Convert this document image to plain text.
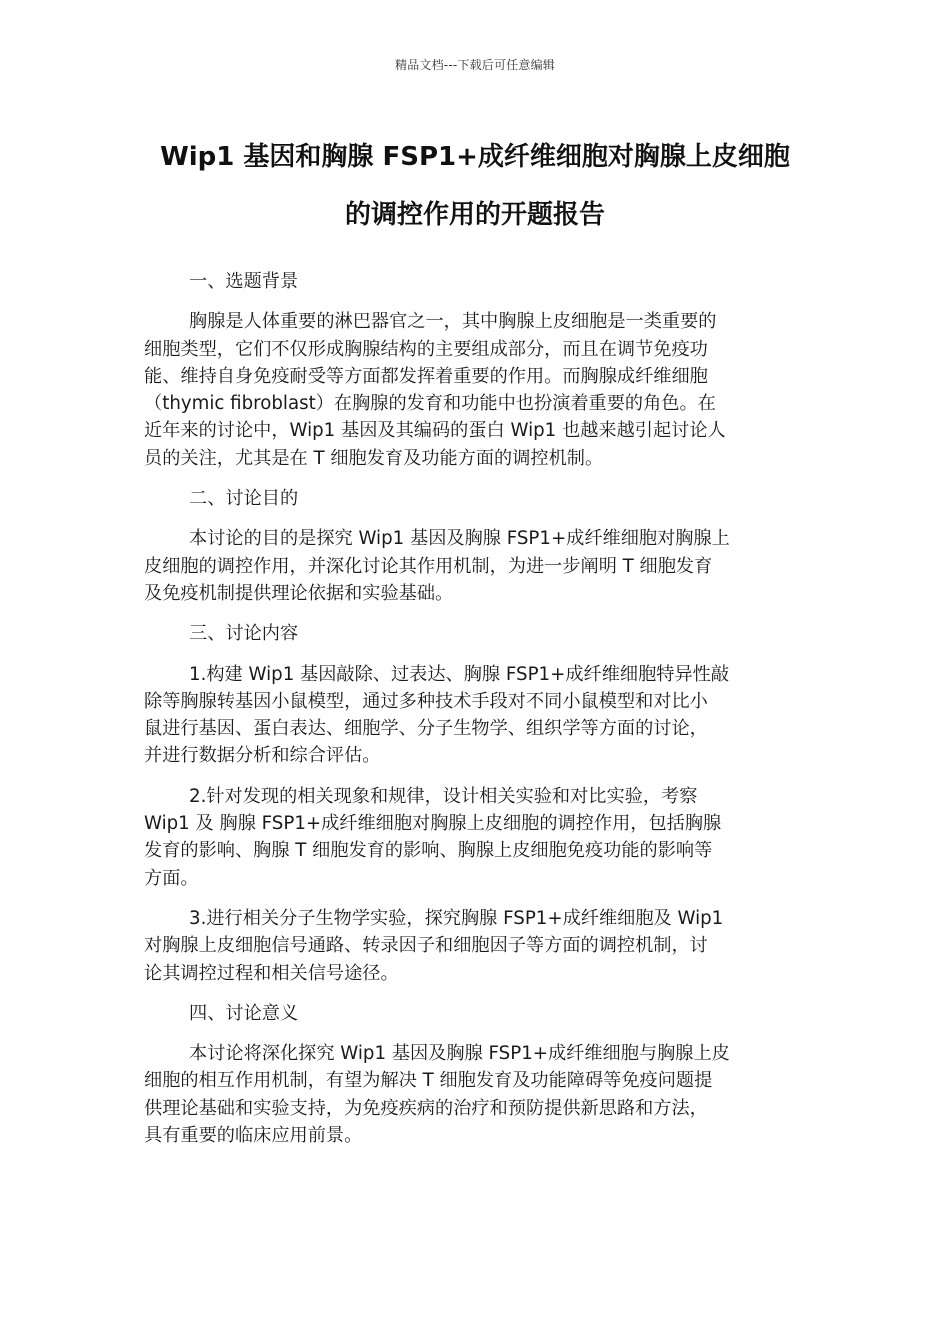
精品文档---下载后可任意编辑
Wip1 基因和胸腺 FSP1+成纤维细胞对胸腺上皮细胞
的调控作用的开题报告
一、选题背景
胸腺是人体重要的淋巴器官之一，其中胸腺上皮细胞是一类重要的
细胞类型，它们不仅形成胸腺结构的主要组成部分，而且在调节免疫功
能、维持自身免疫耐受等方面都发挥着重要的作用。而胸腺成纤维细胞
（thymic fibroblast）在胸腺的发育和功能中也扮演着重要的角色。在
近年来的讨论中，Wip1 基因及其编码的蛋白 Wip1 也越来越引起讨论人
员的关注，尤其是在 T 细胞发育及功能方面的调控机制。
二、讨论目的
本讨论的目的是探究 Wip1 基因及胸腺 FSP1+成纤维细胞对胸腺上
皮细胞的调控作用，并深化讨论其作用机制，为进一步阐明 T 细胞发育
及免疫机制提供理论依据和实验基础。
三、讨论内容
1.构建 Wip1 基因敲除、过表达、胸腺 FSP1+成纤维细胞特异性敲
除等胸腺转基因小鼠模型，通过多种技术手段对不同小鼠模型和对比小
鼠进行基因、蛋白表达、细胞学、分子生物学、组织学等方面的讨论，
并进行数据分析和综合评估。
2.针对发现的相关现象和规律，设计相关实验和对比实验，考察
Wip1 及 胸腺 FSP1+成纤维细胞对胸腺上皮细胞的调控作用，包括胸腺
发育的影响、胸腺 T 细胞发育的影响、胸腺上皮细胞免疫功能的影响等
方面。
3.进行相关分子生物学实验，探究胸腺 FSP1+成纤维细胞及 Wip1
对胸腺上皮细胞信号通路、转录因子和细胞因子等方面的调控机制，讨
论其调控过程和相关信号途径。
四、讨论意义
本讨论将深化探究 Wip1 基因及胸腺 FSP1+成纤维细胞与胸腺上皮
细胞的相互作用机制，有望为解决 T 细胞发育及功能障碍等免疫问题提
供理论基础和实验支持，为免疫疾病的治疗和预防提供新思路和方法，
具有重要的临床应用前景。
